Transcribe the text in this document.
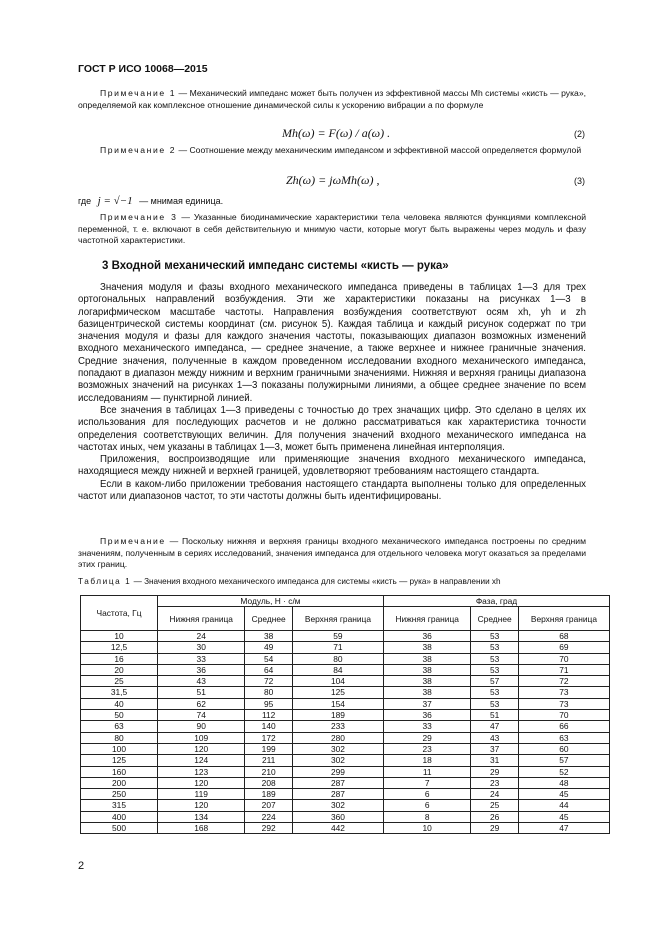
ГОСТ Р ИСО 10068—2015
Примечание 1 — Механический импеданс может быть получен из эффективной массы Mh системы «кисть — рука», определяемой как комплексное отношение динамической силы к ускорению вибрации a по формуле
Mh(ω) = F(ω) / a(ω) .	(2)
Примечание 2 — Соотношение между механическим импедансом и эффективной массой определяется формулой
Zh(ω) = jωMh(ω) ,	(3)
где j = √−1 — мнимая единица.
Примечание 3 — Указанные биодинамические характеристики тела человека являются функциями комплексной переменной, т. е. включают в себя действительную и мнимую части, которые могут быть выражены через модуль и фазу частотной характеристики.
3 Входной механический импеданс системы «кисть — рука»

Значения модуля и фазы входного механического импеданса приведены в таблицах 1—3 для трех ортогональных направлений возбуждения. Эти же характеристики показаны на рисунках 1—3 в логарифмическом масштабе частоты. Направления возбуждения соответствуют осям xh, yh и zh базицентрической системы координат (см. рисунок 5). Каждая таблица и каждый рисунок содержат по три значения модуля и фазы для каждого значения частоты, показывающих диапазон возможных изменений входного механического импеданса, — среднее значение, а также верхнее и нижнее граничные значения. Средние значения, полученные в каждом проведенном исследовании входного механического импеданса, попадают в диапазон между нижним и верхним граничными значениями. Нижняя и верхняя границы диапазона возможных значений на рисунках 1—3 показаны полужирными линиями, а общее среднее значение по всем исследованиям — пунктирной линией.

Все значения в таблицах 1—3 приведены с точностью до трех значащих цифр. Это сделано в целях их использования для последующих расчетов и не должно рассматриваться как характеристика точности определения соответствующих величин. Для получения значений входного механического импеданса на частотах иных, чем указаны в таблицах 1—3, может быть применена линейная интерполяция.

Приложения, воспроизводящие или применяющие значения входного механического импеданса, находящиеся между нижней и верхней границей, удовлетворяют требованиям настоящего стандарта.

Если в каком-либо приложении требования настоящего стандарта выполнены только для определенных частот или диапазонов частот, то эти частоты должны быть идентифицированы.

Примечание — Поскольку нижняя и верхняя границы входного механического импеданса построены по средним значениям, полученным в сериях исследований, значения импеданса для отдельного человека могут оказаться за пределами этих границ.
Таблица 1 — Значения входного механического импеданса для системы «кисть — рука» в направлении xh
Частота, Гц	Модуль, Н · с/м			Фаза, град		
	Нижняя граница	Среднее	Верхняя граница	Нижняя граница	Среднее	Верхняя граница
10	24	38	59	36	53	68
12,5	30	49	71	38	53	69
16	33	54	80	38	53	70
20	36	64	84	38	53	71
25	43	72	104	38	57	72
31,5	51	80	125	38	53	73
40	62	95	154	37	53	73
50	74	112	189	36	51	70
63	90	140	233	33	47	66
80	109	172	280	29	43	63
100	120	199	302	23	37	60
125	124	211	302	18	31	57
160	123	210	299	11	29	52
200	120	208	287	7	23	48
250	119	189	287	6	24	45
315	120	207	302	6	25	44
400	134	224	360	8	26	45
500	168	292	442	10	29	47
2
